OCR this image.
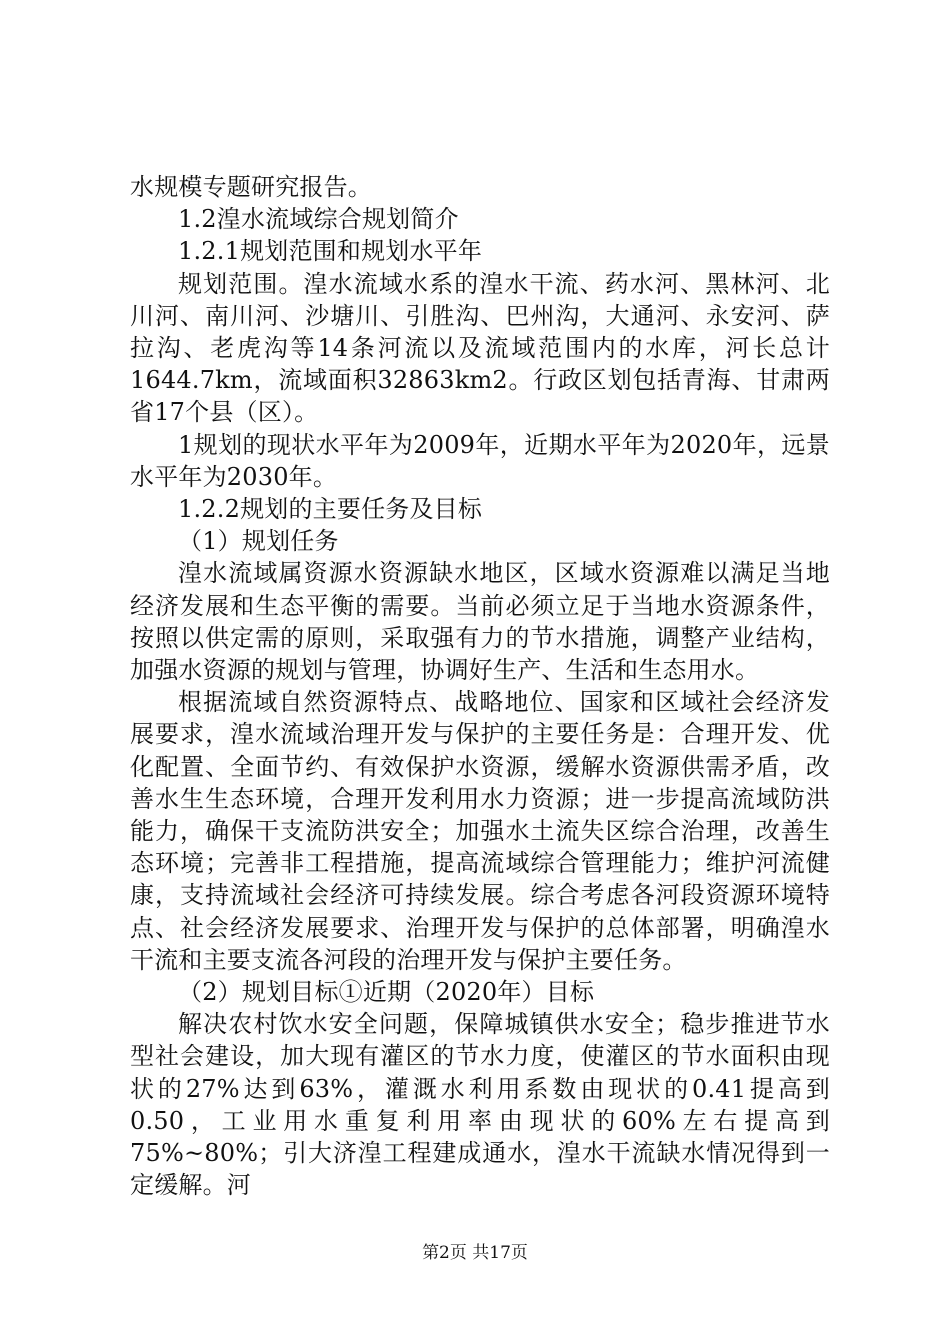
水规模专题研究报告。

1.2湟水流域综合规划简介

1.2.1规划范围和规划水平年

规划范围。湟水流域水系的湟水干流、药水河、黑林河、北川河、南川河、沙塘川、引胜沟、巴州沟，大通河、永安河、萨拉沟、老虎沟等14条河流以及流域范围内的水库，河长总计1644.7km，流域面积32863km2。行政区划包括青海、甘肃两省17个县（区）。

1规划的现状水平年为2009年，近期水平年为2020年，远景水平年为2030年。

1.2.2规划的主要任务及目标

（1）规划任务

湟水流域属资源水资源缺水地区，区域水资源难以满足当地经济发展和生态平衡的需要。当前必须立足于当地水资源条件，按照以供定需的原则，采取强有力的节水措施，调整产业结构，加强水资源的规划与管理，协调好生产、生活和生态用水。

根据流域自然资源特点、战略地位、国家和区域社会经济发展要求，湟水流域治理开发与保护的主要任务是：合理开发、优化配置、全面节约、有效保护水资源，缓解水资源供需矛盾，改善水生生态环境，合理开发利用水力资源；进一步提高流域防洪能力，确保干支流防洪安全；加强水土流失区综合治理，改善生态环境；完善非工程措施，提高流域综合管理能力；维护河流健康，支持流域社会经济可持续发展。综合考虑各河段资源环境特点、社会经济发展要求、治理开发与保护的总体部署，明确湟水干流和主要支流各河段的治理开发与保护主要任务。

（2）规划目标①近期（2020年）目标

解决农村饮水安全问题，保障城镇供水安全；稳步推进节水型社会建设，加大现有灌区的节水力度，使灌区的节水面积由现状的27%达到63%，灌溉水利用系数由现状的0.41提高到0.50，工业用水重复利用率由现状的60%左右提高到75%~80%；引大济湟工程建成通水，湟水干流缺水情况得到一定缓解。河

第2页 共17页
